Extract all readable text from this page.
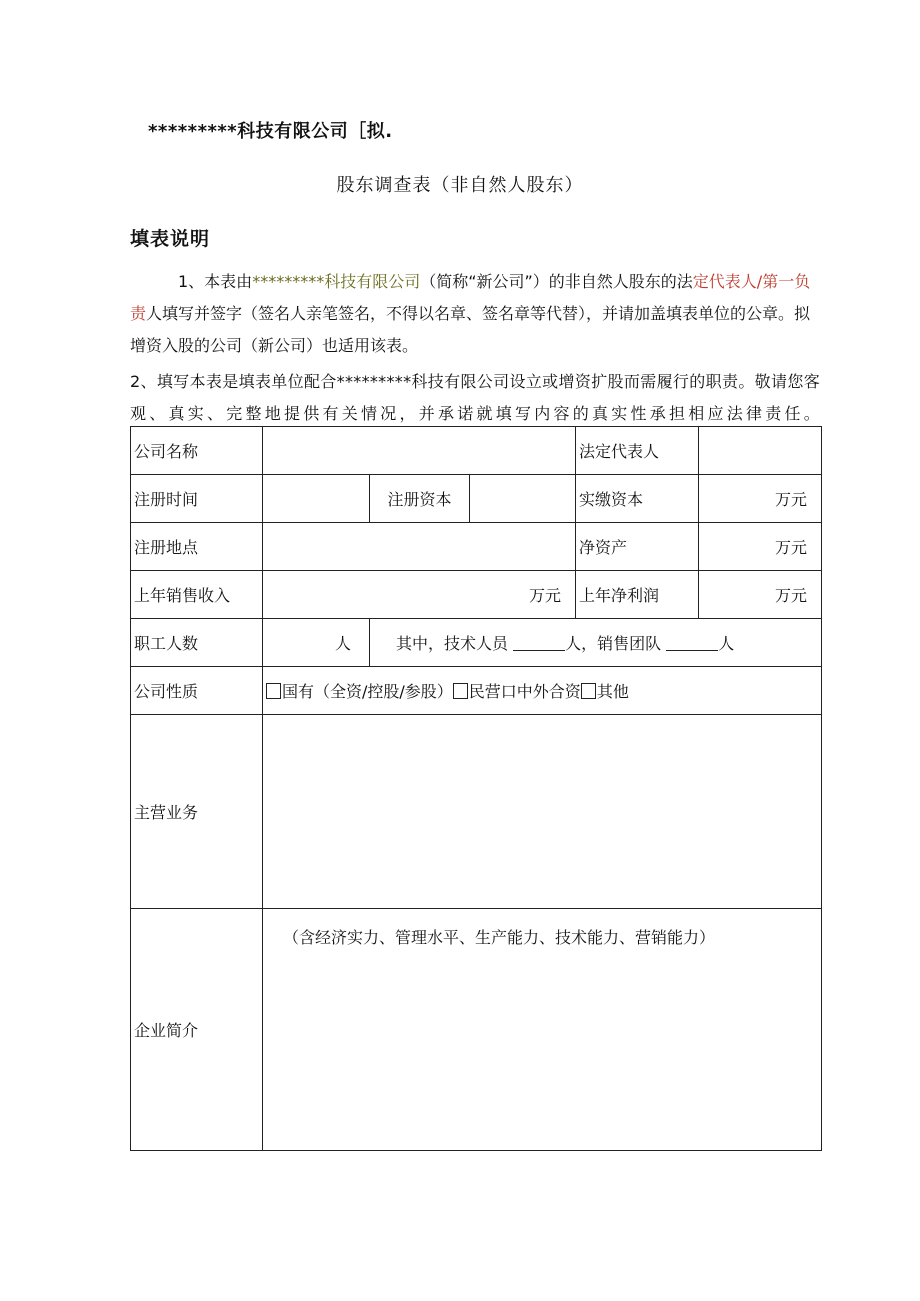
*********科技有限公司［拟.
股东调查表（非自然人股东）
填表说明
1、本表由*********科技有限公司（简称“新公司”）的非自然人股东的法定代表人/第一负责人填写并签字（签名人亲笔签名，不得以名章、签名章等代替），并请加盖填表单位的公章。拟增资入股的公司（新公司）也适用该表。
2、填写本表是填表单位配合*********科技有限公司设立或增资扩股而需履行的职责。敬请您客观、真实、完整地提供有关情况，并承诺就填写内容的真实性承担相应法律责任。
公司名称				法定代表人	
注册时间		注册资本		实缴资本	万元
注册地点				净资产	万元
上年销售收入	万元			上年净利润	万元
职工人数	人	其中，技术人员 人，销售团队 人			
公司性质	国有（全资/控股/参股） 民营口中外合资 其他				
主营业务					
企业简介	（含经济实力、管理水平、生产能力、技术能力、营销能力）				
